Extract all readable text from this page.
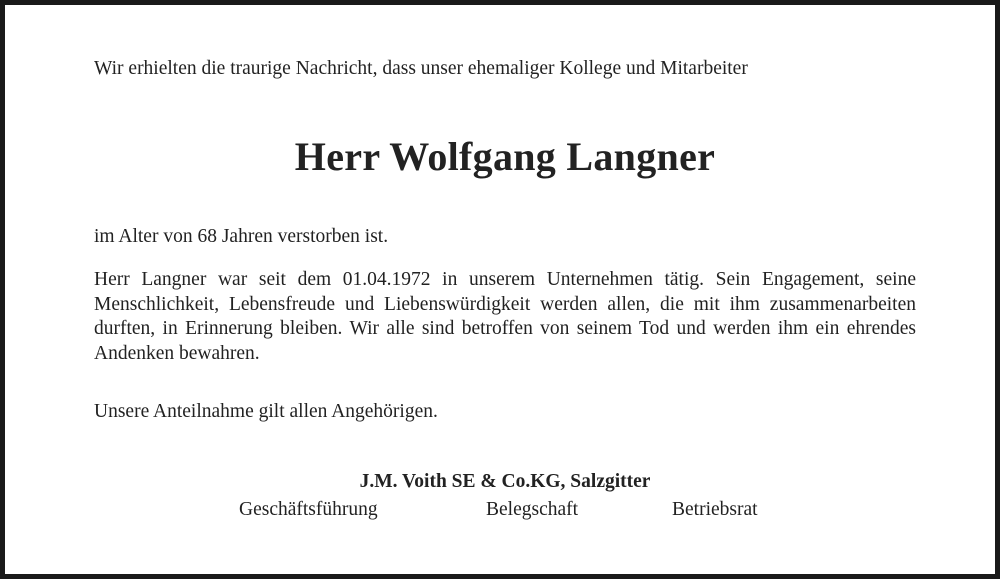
Wir erhielten die traurige Nachricht, dass unser ehemaliger Kollege und Mitarbeiter

Herr Wolfgang Langner

im Alter von 68 Jahren verstorben ist.

Herr Langner war seit dem 01.04.1972 in unserem Unternehmen tätig. Sein Engagement, seine Menschlichkeit, Lebensfreude und Liebenswürdigkeit werden allen, die mit ihm zusammenarbeiten durften, in Erinnerung bleiben. Wir alle sind betroffen von seinem Tod und werden ihm ein ehrendes Andenken bewahren.

Unsere Anteilnahme gilt allen Angehörigen.

J.M. Voith SE & Co.KG, Salzgitter

Geschäftsführung	Belegschaft	Betriebsrat
